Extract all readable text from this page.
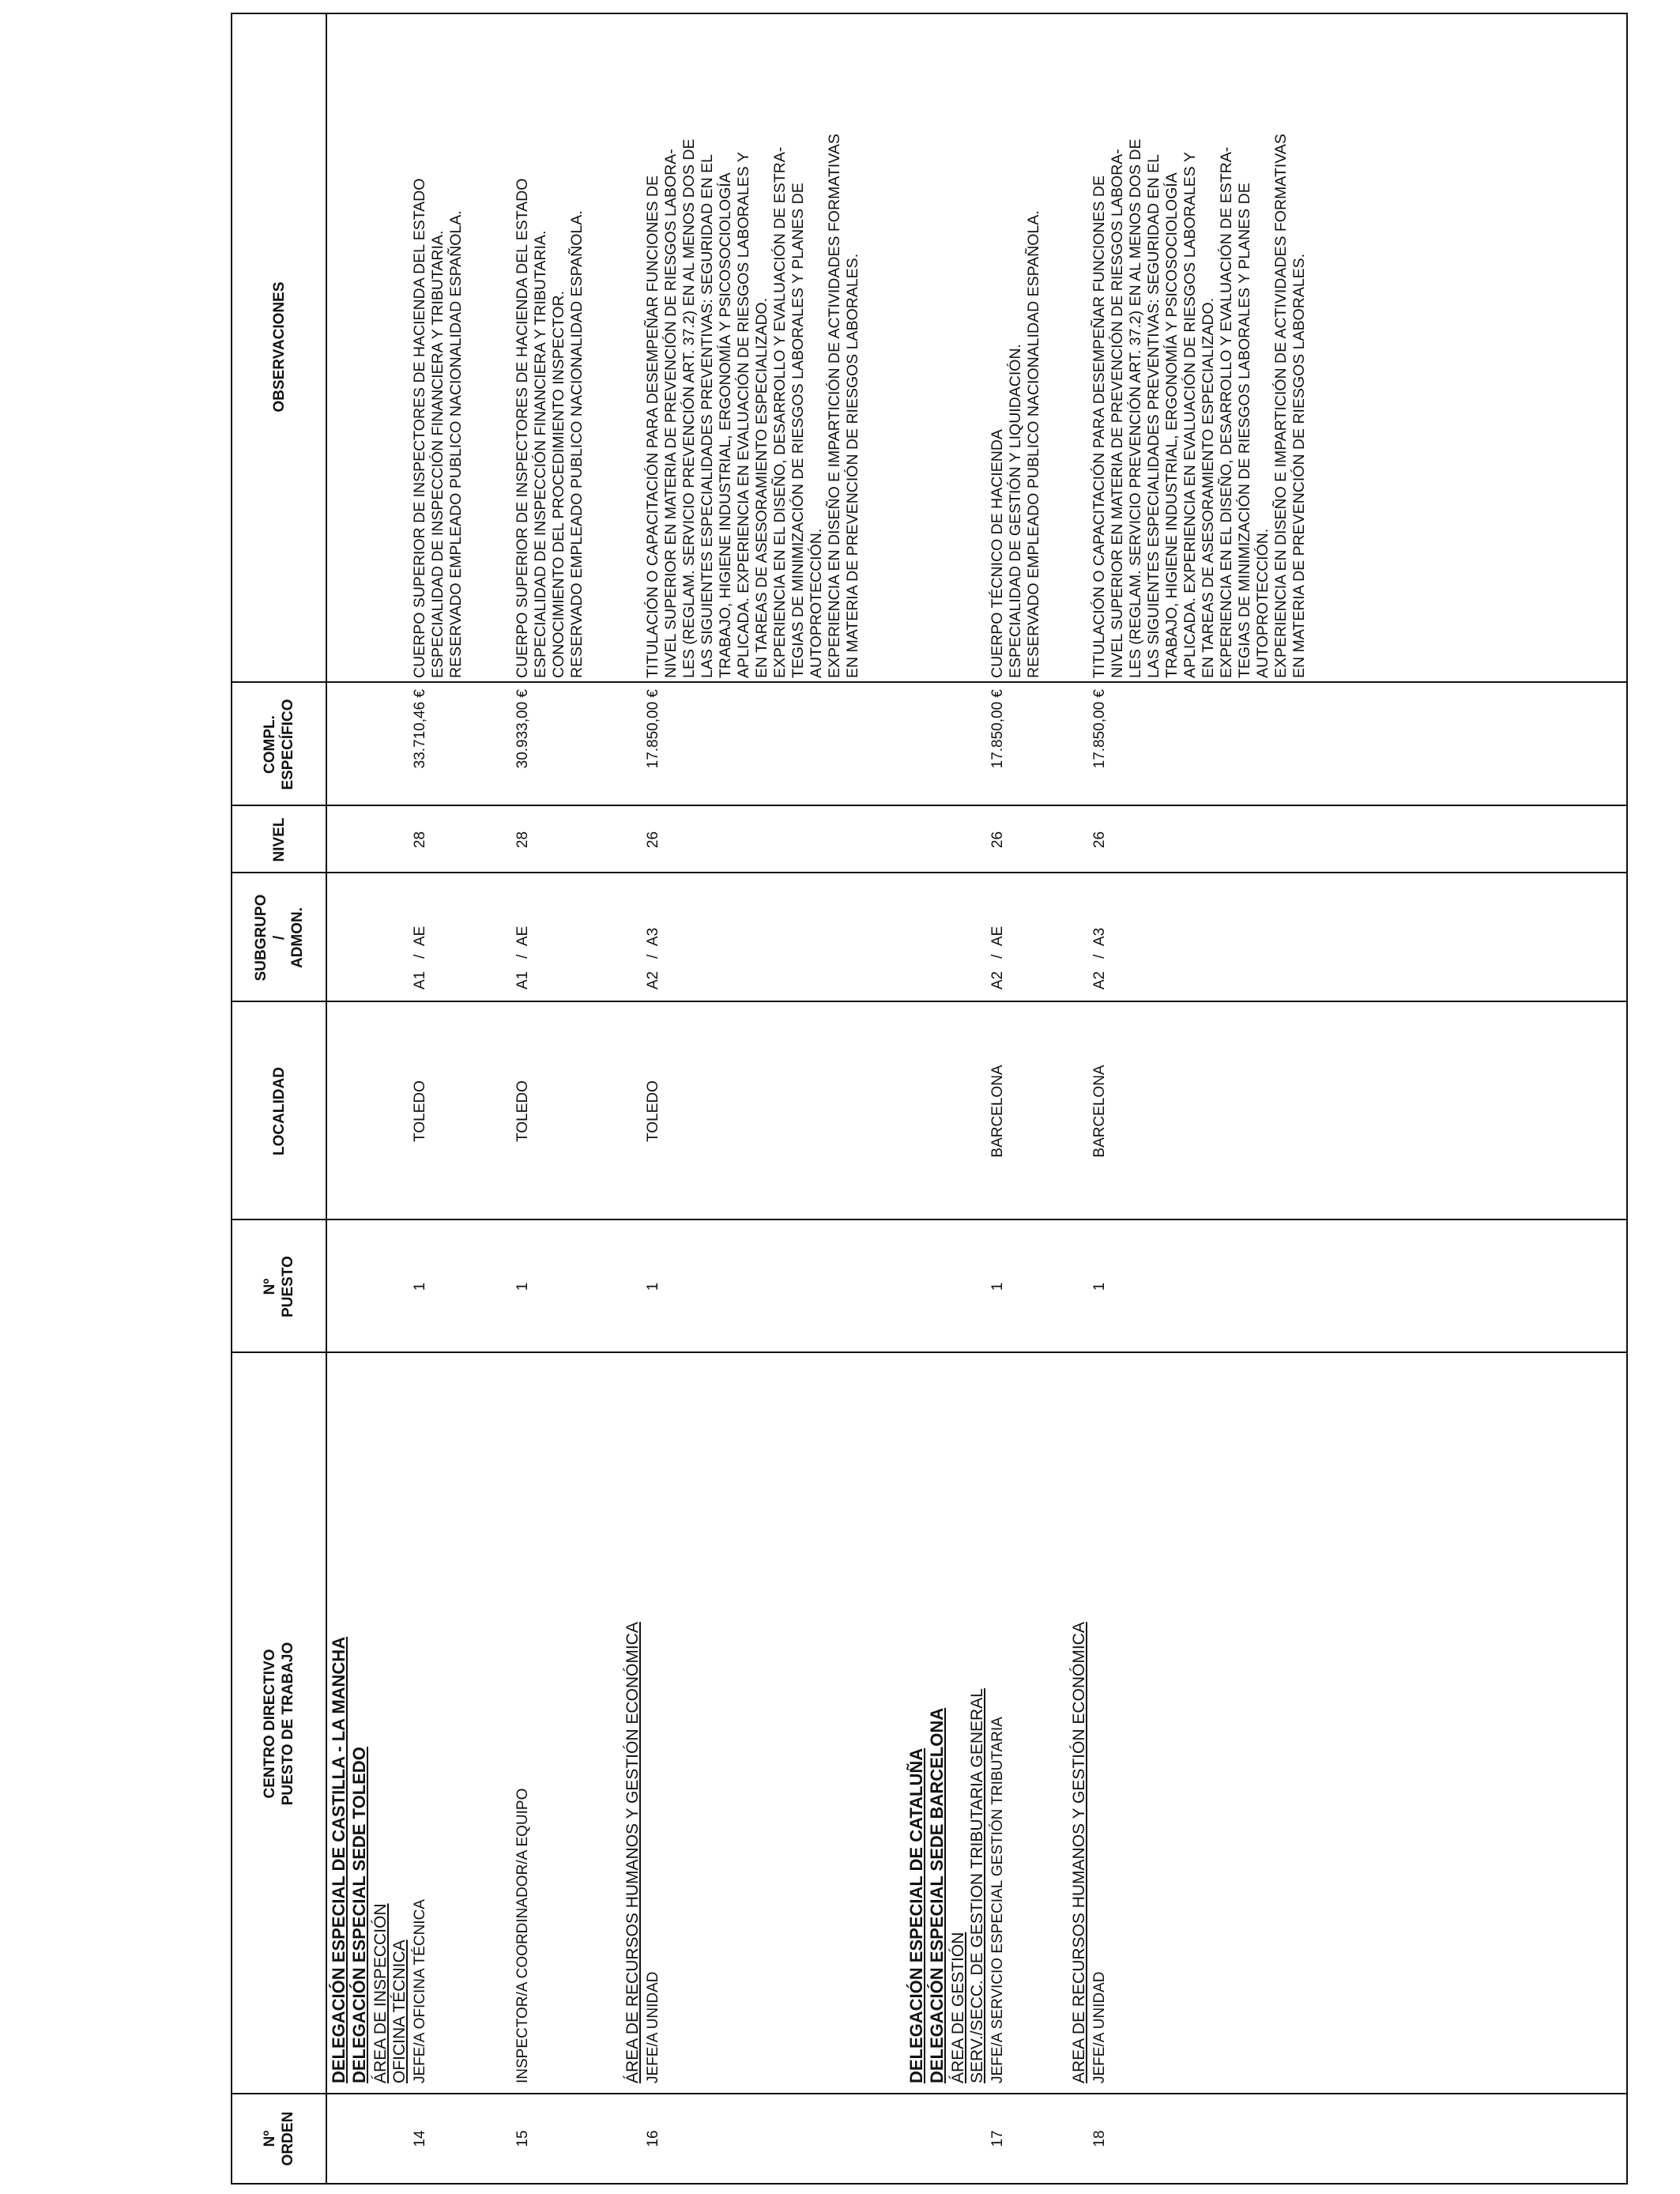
Nº ORDEN
CENTRO DIRECTIVO PUESTO DE TRABAJO
Nº PUESTO
LOCALIDAD
SUBGRUPO / ADMON.
NIVEL
COMPL. ESPECÍFICO
OBSERVACIONES
DELEGACIÓN ESPECIAL DE CASTILLA - LA MANCHA DELEGACIÓN ESPECIAL SEDE TOLEDO ÁREA DE INSPECCIÓN OFICINA TÉCNICA
14
JEFE/A OFICINA TÉCNICA
1
TOLEDO
A1   /  AE
28
33.710,46 €
CUERPO SUPERIOR DE INSPECTORES DE HACIENDA DEL ESTADO
ESPECIALIDAD DE INSPECCIÓN FINANCIERA Y TRIBUTARIA.
RESERVADO EMPLEADO PUBLICO NACIONALIDAD ESPAÑOLA.
15
INSPECTOR/A COORDINADOR/A EQUIPO
1
TOLEDO
A1   /  AE
28
30.933,00 €
CUERPO SUPERIOR DE INSPECTORES DE HACIENDA DEL ESTADO
ESPECIALIDAD DE INSPECCIÓN FINANCIERA Y TRIBUTARIA.
CONOCIMIENTO DEL PROCEDIMIENTO INSPECTOR.
RESERVADO EMPLEADO PUBLICO NACIONALIDAD ESPAÑOLA.
ÁREA DE RECURSOS HUMANOS Y GESTIÓN ECONÓMICA
16
JEFE/A UNIDAD
1
TOLEDO
A2   /  A3
26
17.850,00 €
TITULACIÓN O CAPACITACIÓN PARA DESEMPEÑAR FUNCIONES DE
NIVEL SUPERIOR EN MATERIA DE PREVENCIÓN DE RIESGOS LABORA-
LES (REGLAM. SERVICIO PREVENCIÓN ART. 37.2) EN AL MENOS DOS DE
LAS SIGUIENTES ESPECIALIDADES PREVENTIVAS: SEGURIDAD EN EL
TRABAJO, HIGIENE INDUSTRIAL, ERGONOMÍA Y PSICOSOCIOLOGÍA
APLICADA. EXPERIENCIA EN EVALUACIÓN DE RIESGOS LABORALES Y
EN TAREAS DE ASESORAMIENTO ESPECIALIZADO.
EXPERIENCIA EN EL DISEÑO, DESARROLLO Y EVALUACIÓN DE ESTRA-
TEGIAS DE MINIMIZACIÓN DE RIESGOS LABORALES Y PLANES DE
AUTOPROTECCIÓN.
EXPERIENCIA EN DISEÑO E IMPARTICIÓN DE ACTIVIDADES FORMATIVAS
EN MATERIA DE PREVENCIÓN DE RIESGOS LABORALES.
DELEGACIÓN ESPECIAL DE CATALUÑA DELEGACIÓN ESPECIAL SEDE BARCELONA ÁREA DE GESTIÓN SERV./SECC. DE GESTION TRIBUTARIA GENERAL
17
JEFE/A SERVICIO ESPECIAL GESTIÓN TRIBUTARIA
1
BARCELONA
A2   /  AE
26
17.850,00 €
CUERPO TÉCNICO DE HACIENDA
ESPECIALIDAD DE GESTIÓN Y LIQUIDACIÓN.
RESERVADO EMPLEADO PUBLICO NACIONALIDAD ESPAÑOLA.
AREA DE RECURSOS HUMANOS Y GESTIÓN ECONÓMICA
18
JEFE/A UNIDAD
1
BARCELONA
A2   /  A3
26
17.850,00 €
TITULACIÓN O CAPACITACIÓN PARA DESEMPEÑAR FUNCIONES DE
NIVEL SUPERIOR EN MATERIA DE PREVENCIÓN DE RIESGOS LABORA-
LES (REGLAM. SERVICIO PREVENCIÓN ART. 37.2) EN AL MENOS DOS DE
LAS SIGUIENTES ESPECIALIDADES PREVENTIVAS: SEGURIDAD EN EL
TRABAJO, HIGIENE INDUSTRIAL, ERGONOMÍA Y PSICOSOCIOLOGÍA
APLICADA. EXPERIENCIA EN EVALUACIÓN DE RIESGOS LABORALES Y
EN TAREAS DE ASESORAMIENTO ESPECIALIZADO.
EXPERIENCIA EN EL DISEÑO, DESARROLLO Y EVALUACIÓN DE ESTRA-
TEGIAS DE MINIMIZACIÓN DE RIESGOS LABORALES Y PLANES DE
AUTOPROTECCIÓN.
EXPERIENCIA EN DISEÑO E IMPARTICIÓN DE ACTIVIDADES FORMATIVAS
EN MATERIA DE PREVENCIÓN DE RIESGOS LABORALES.
